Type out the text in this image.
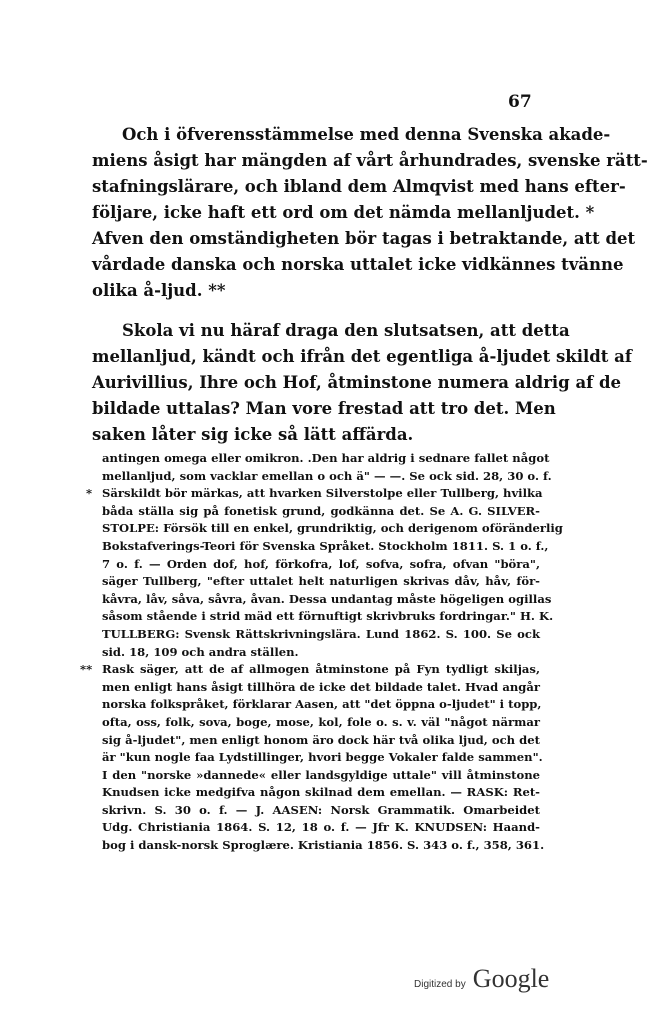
67
Och i öfverensstämmelse med denna Svenska akade-
miens åsigt har mängden af vårt århundrades, svenske rätt-
stafningslärare, och ibland dem Almqvist med hans efter-
följare, icke haft ett ord om det nämda mellanljudet. *
Afven den omständigheten bör tagas i betraktande, att det
vårdade danska och norska uttalet icke vidkännes tvänne
olika å-ljud. **
Skola vi nu häraf draga den slutsatsen, att detta
mellanljud, kändt och ifrån det egentliga å-ljudet skildt af
Aurivillius, Ihre och Hof, åtminstone numera aldrig af de
bildade uttalas? Man vore frestad att tro det. Men
saken låter sig icke så lätt affärda.
antingen omega eller omikron. .Den har aldrig i sednare fallet något
mellanljud, som vacklar emellan o och ä" — —. Se ock sid. 28, 30 o. f.
* Särskildt bör märkas, att hvarken Silverstolpe eller Tullberg, hvilka
båda ställa sig på fonetisk grund, godkänna det. Se A. G. SILVER-
STOLPE: Försök till en enkel, grundriktig, och derigenom oföränderlig
Bokstafverings-Teori för Svenska Språket. Stockholm 1811. S. 1 o. f.,
7 o. f. — Orden dof, hof, förkofra, lof, sofva, sofra, ofvan "böra",
säger Tullberg, "efter uttalet helt naturligen skrivas dåv, håv, för-
kåvra, låv, såva, såvra, åvan. Dessa undantag måste högeligen ogillas
såsom stående i strid mäd ett förnuftigt skrivbruks fordringar." H. K.
TULLBERG: Svensk Rättskrivningslära. Lund 1862. S. 100. Se ock
sid. 18, 109 och andra ställen.
** Rask säger, att de af allmogen åtminstone på Fyn tydligt skiljas,
men enligt hans åsigt tillhöra de icke det bildade talet. Hvad angår
norska folkspråket, förklarar Aasen, att "det öppna o-ljudet" i topp,
ofta, oss, folk, sova, boge, mose, kol, fole o. s. v. väl "något närmar
sig å-ljudet", men enligt honom äro dock här två olika ljud, och det
är "kun nogle faa Lydstillinger, hvori begge Vokaler falde sammen".
I den "norske »dannede« eller landsgyldige uttale" vill åtminstone
Knudsen icke medgifva någon skilnad dem emellan. — RASK: Ret-
skrivn. S. 30 o. f. — J. AASEN: Norsk Grammatik. Omarbeidet
Udg. Christiania 1864. S. 12, 18 o. f. — Jfr K. KNUDSEN: Haand-
bog i dansk-norsk Sproglære. Kristiania 1856. S. 343 o. f., 358, 361.
Digitized by Google
